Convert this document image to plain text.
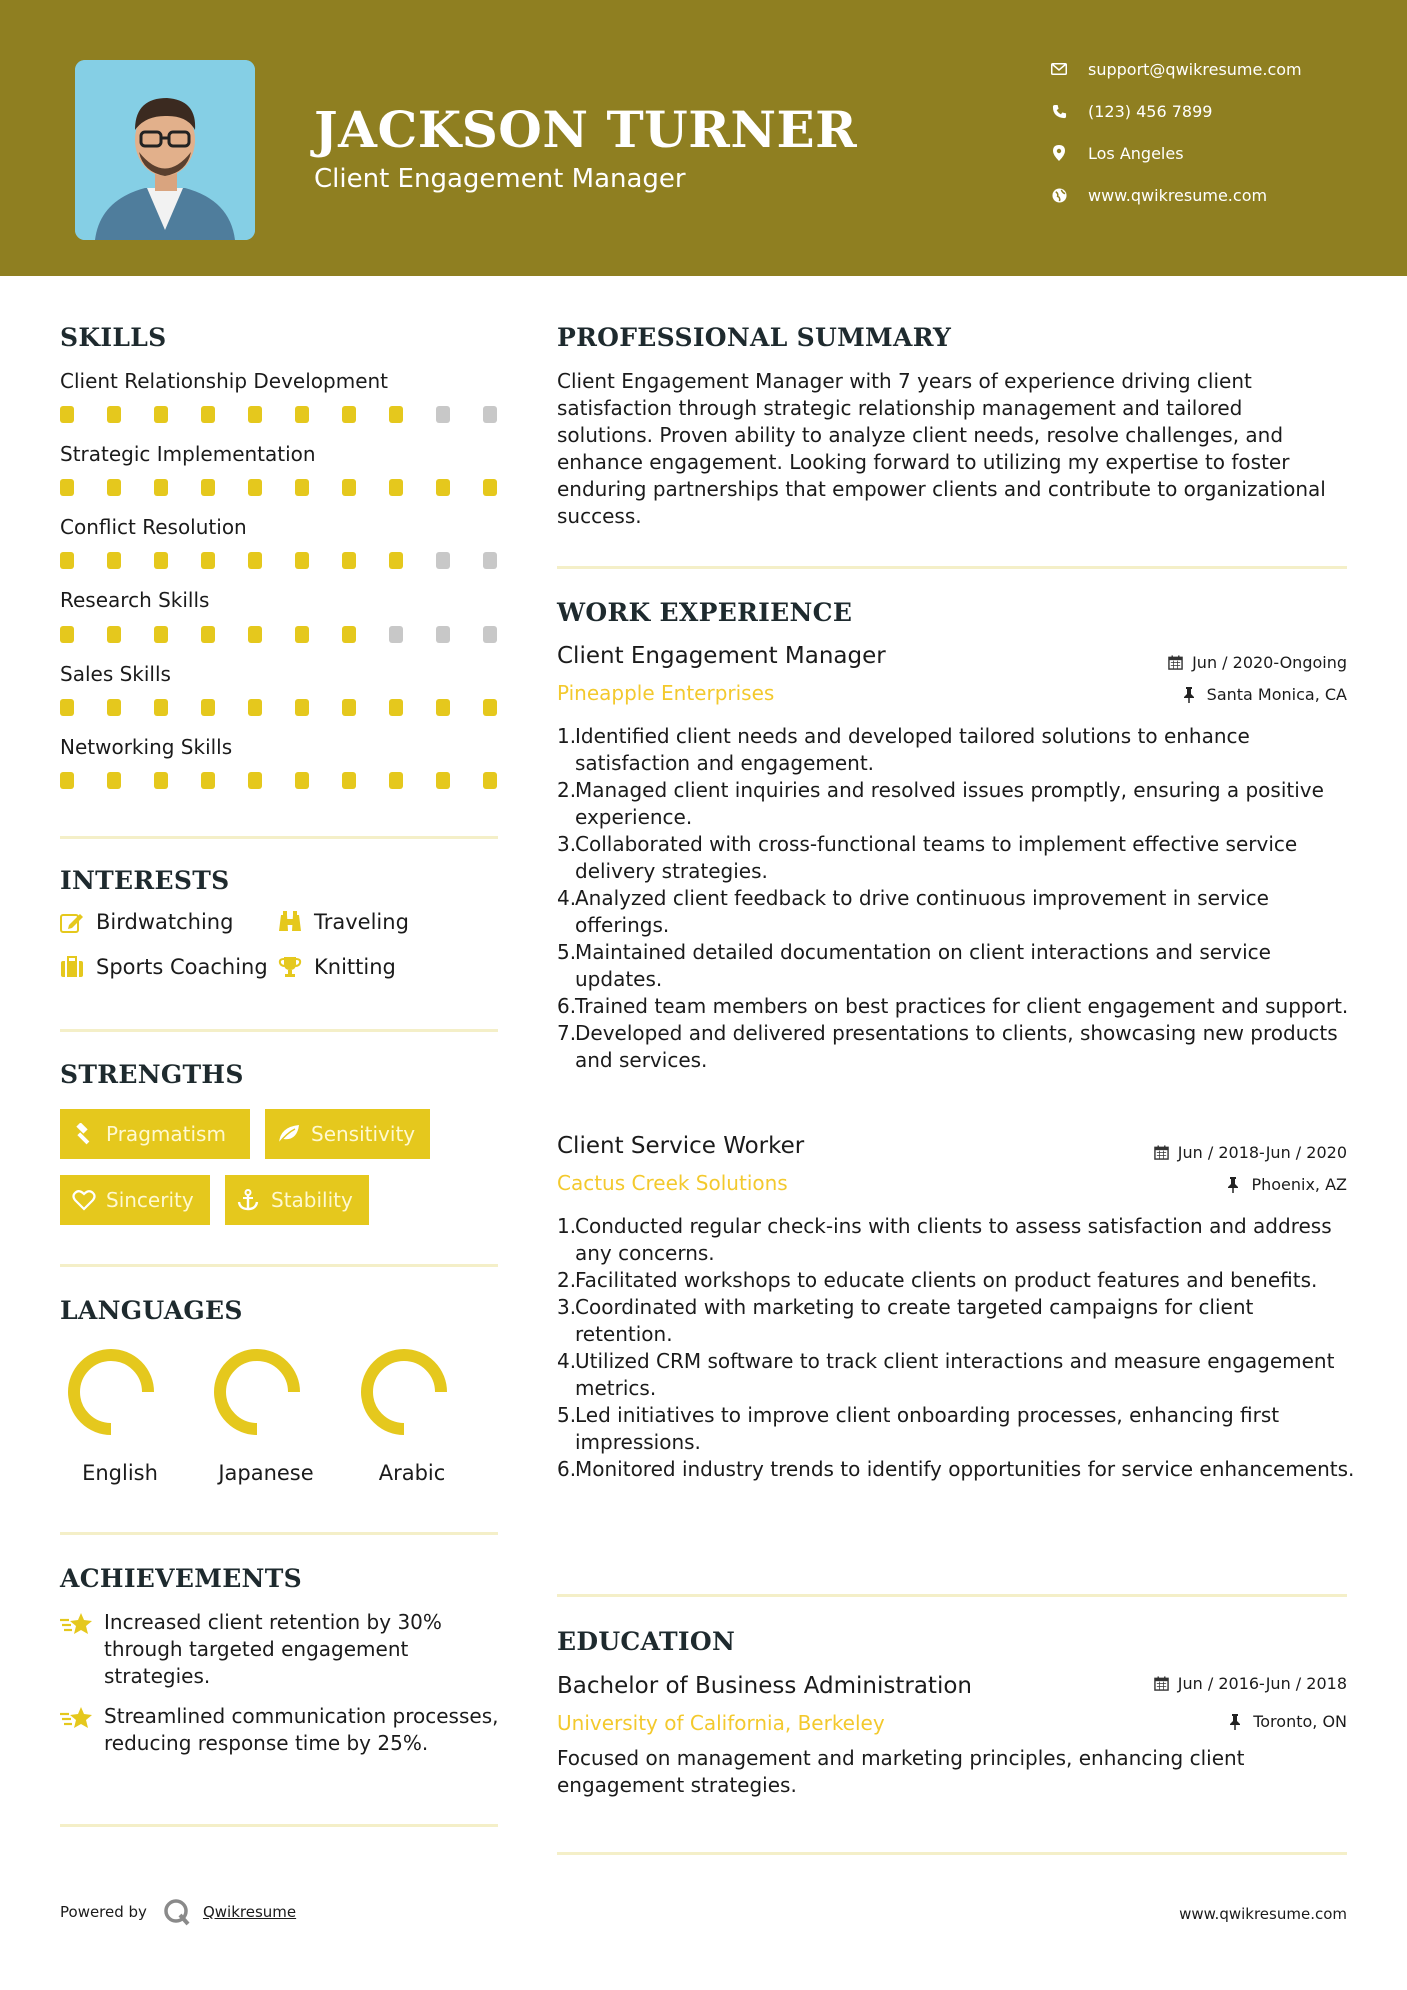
JACKSON TURNER
Client Engagement Manager
support@qwikresume.com
(123) 456 7899
Los Angeles
www.qwikresume.com
SKILLS
Client Relationship Development
Strategic Implementation
Conflict Resolution
Research Skills
Sales Skills
Networking Skills
INTERESTS
Birdwatching	Traveling
Sports Coaching Knitting
STRENGTHS
Pragmatism	Sensitivity
Sincerity	Stability
LANGUAGES
English	Japanese	Arabic
ACHIEVEMENTS
Increased client retention by 30% through targeted engagement strategies.
Streamlined communication processes, reducing response time by 25%.
PROFESSIONAL SUMMARY

Client Engagement Manager with 7 years of experience driving client satisfaction through strategic relationship management and tailored solutions. Proven ability to analyze client needs, resolve challenges, and enhance engagement. Looking forward to utilizing my expertise to foster enduring partnerships that empower clients and contribute to organizational success.

WORK EXPERIENCE
Client Engagement Manager	Jun / 2020-Ongoing
Pineapple Enterprises	Santa Monica, CA
1.
Identified client needs and developed tailored solutions to enhance satisfaction and engagement.
2.
Managed client inquiries and resolved issues promptly, ensuring a positive experience.
3.
Collaborated with cross-functional teams to implement effective service delivery strategies.
4.
Analyzed client feedback to drive continuous improvement in service offerings.
5.
Maintained detailed documentation on client interactions and service updates.
6.
Trained team members on best practices for client engagement and support.
7.
Developed and delivered presentations to clients, showcasing new products and services.
Client Service Worker	Jun / 2018-Jun / 2020
Cactus Creek Solutions	Phoenix, AZ
1.
Conducted regular check-ins with clients to assess satisfaction and address any concerns.
2.
Facilitated workshops to educate clients on product features and benefits.
3.
Coordinated with marketing to create targeted campaigns for client retention.
4.
Utilized CRM software to track client interactions and measure engagement metrics.
5.
Led initiatives to improve client onboarding processes, enhancing first impressions.
6.
Monitored industry trends to identify opportunities for service enhancements.
EDUCATION
Bachelor of Business Administration	Jun / 2016-Jun / 2018
University of California, Berkeley	Toronto, ON

Focused on management and marketing principles, enhancing client engagement strategies.

Powered by	Qwikresume	www.qwikresume.com
